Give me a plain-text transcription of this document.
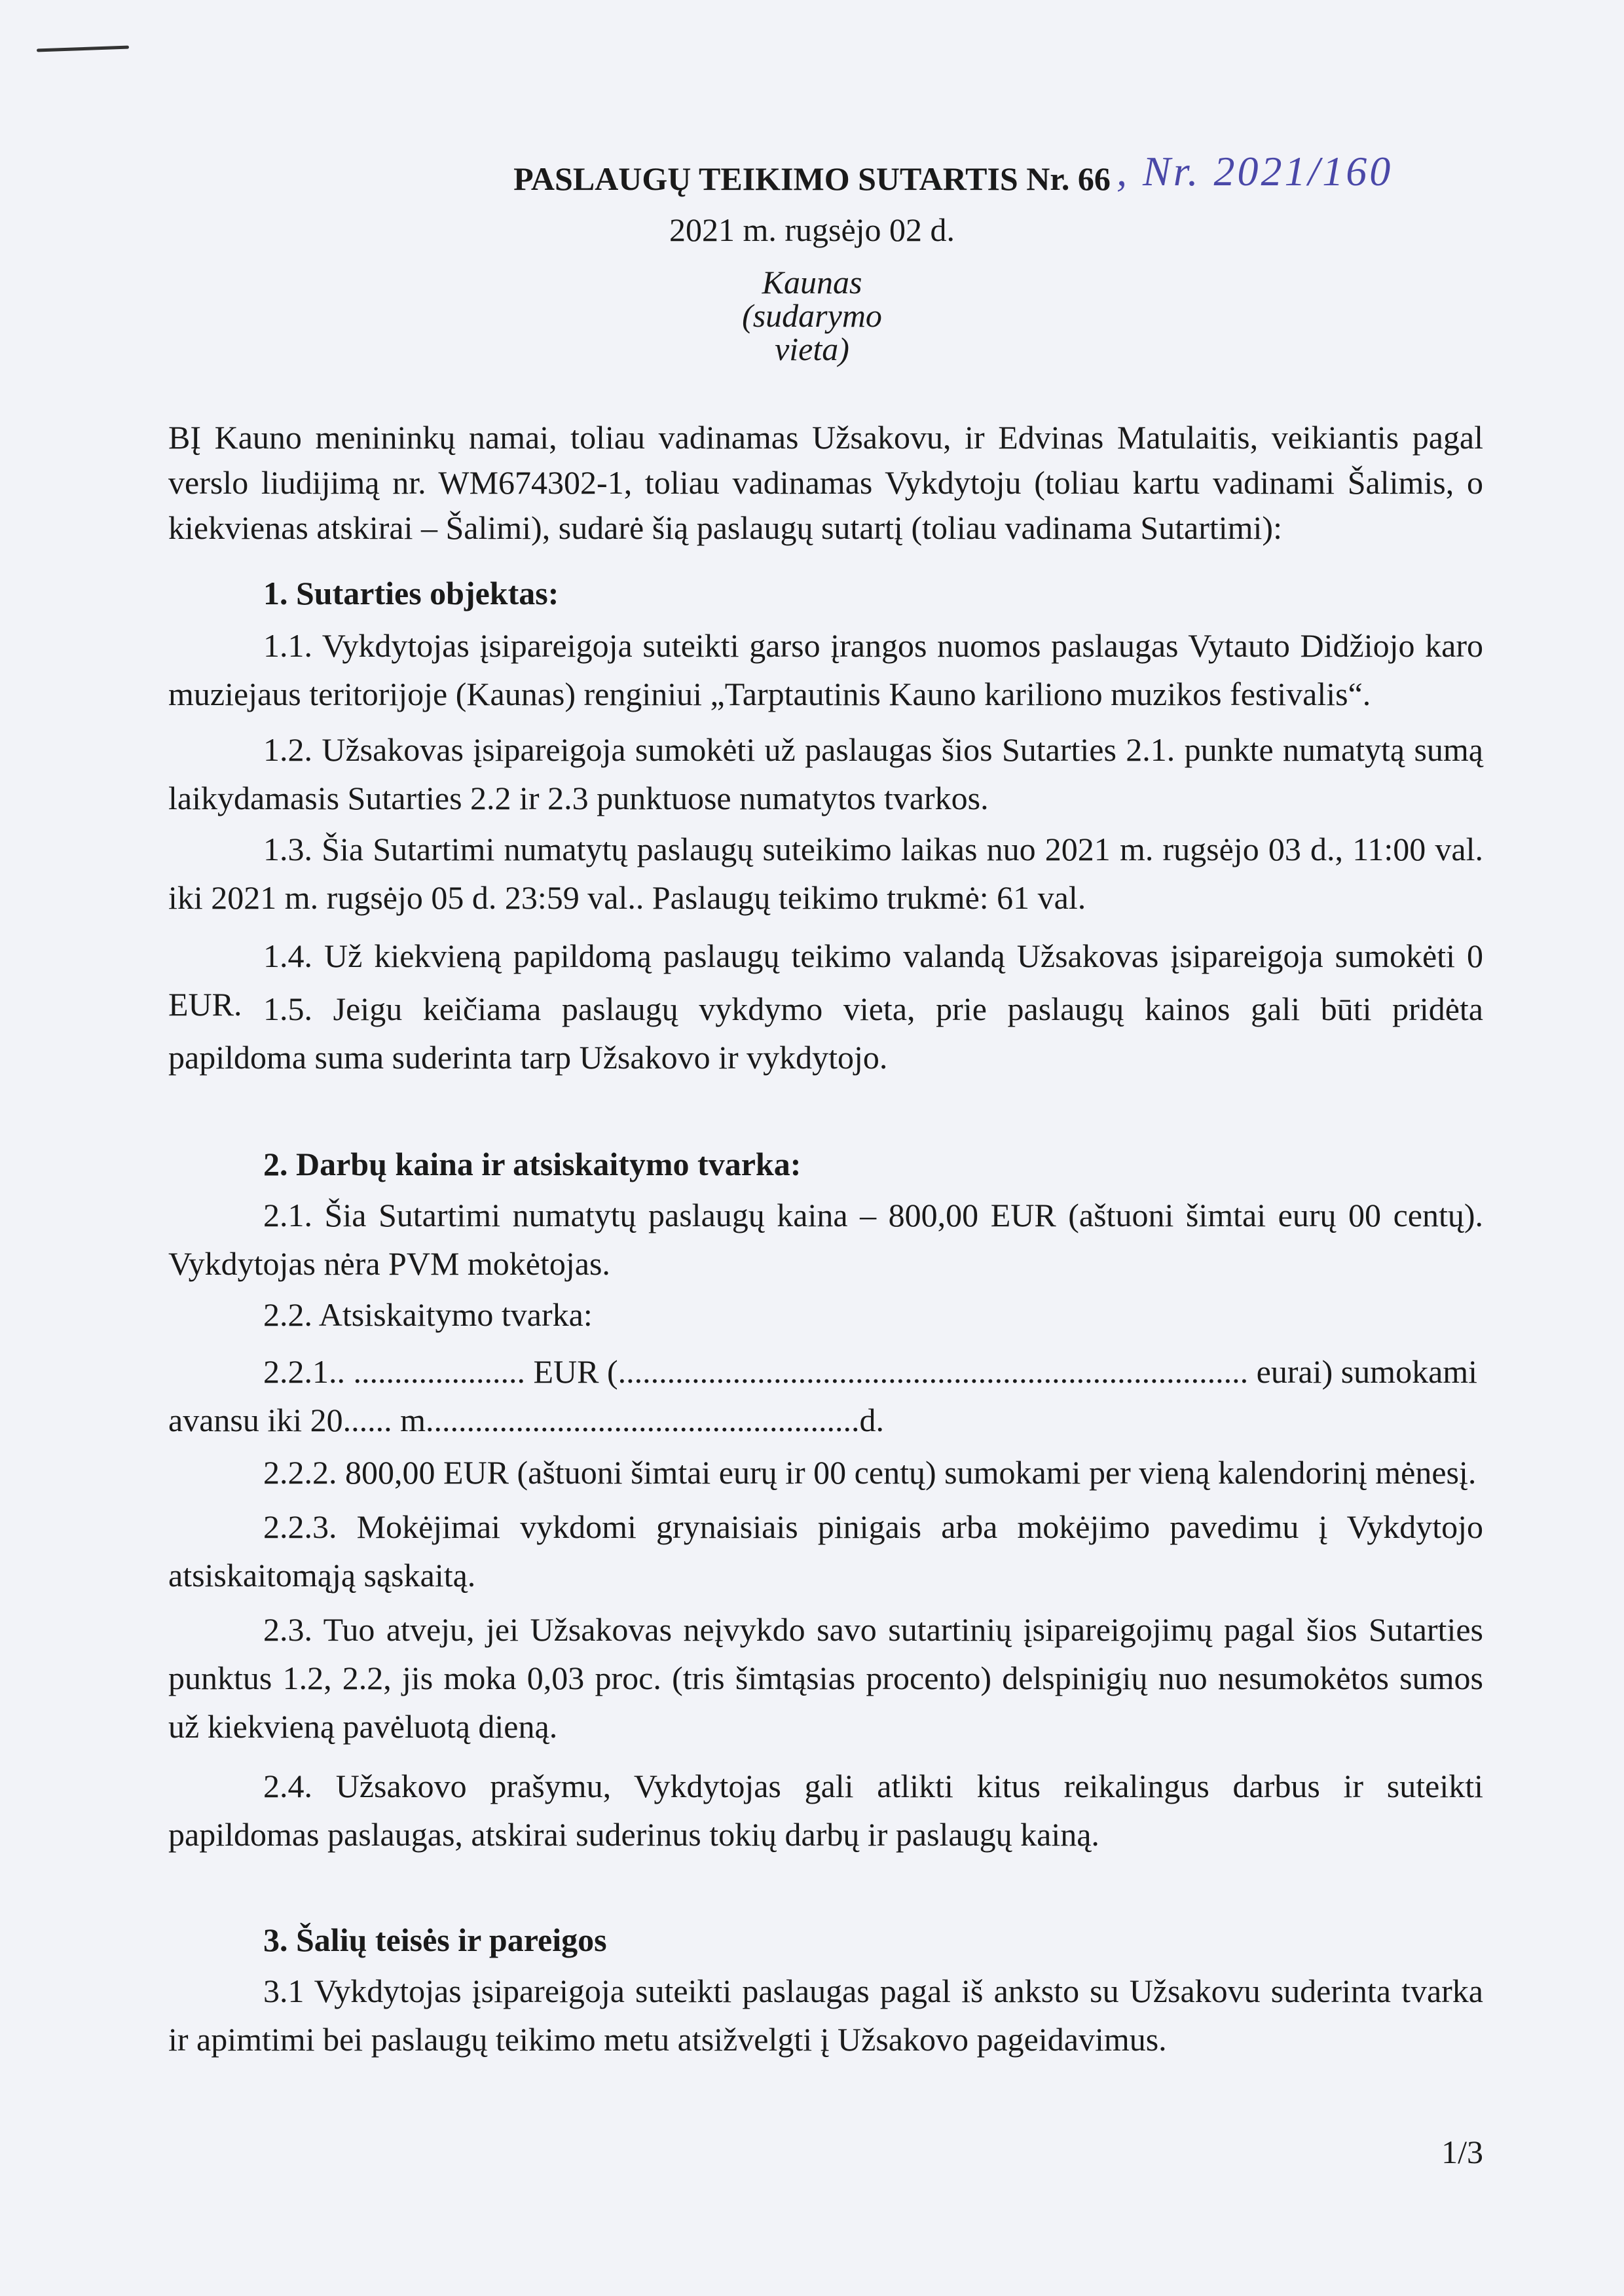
PASLAUGŲ TEIKIMO SUTARTIS Nr. 66 , Nr. 2021/160
2021 m. rugsėjo 02 d.
Kaunas
(sudarymo
vieta)
BĮ Kauno menininkų namai, toliau vadinamas Užsakovu, ir Edvinas Matulaitis, veikiantis pagal verslo liudijimą nr. WM674302-1, toliau vadinamas Vykdytoju (toliau kartu vadinami Šalimis, o kiekvienas atskirai – Šalimi), sudarė šią paslaugų sutartį (toliau vadinama Sutartimi):
1. Sutarties objektas:
1.1. Vykdytojas įsipareigoja suteikti garso įrangos nuomos paslaugas Vytauto Didžiojo karo muziejaus teritorijoje (Kaunas) renginiui „Tarptautinis Kauno kariliono muzikos festivalis“.
1.2. Užsakovas įsipareigoja sumokėti už paslaugas šios Sutarties 2.1. punkte numatytą sumą laikydamasis Sutarties 2.2 ir 2.3 punktuose numatytos tvarkos.
1.3. Šia Sutartimi numatytų paslaugų suteikimo laikas nuo 2021 m. rugsėjo 03 d., 11:00 val. iki 2021 m. rugsėjo 05 d. 23:59 val.. Paslaugų teikimo trukmė: 61 val.
1.4. Už kiekvieną papildomą paslaugų teikimo valandą Užsakovas įsipareigoja sumokėti 0 EUR. 1.5. Jeigu keičiama paslaugų vykdymo vieta, prie paslaugų kainos gali būti pridėta papildoma suma suderinta tarp Užsakovo ir vykdytojo.
2. Darbų kaina ir atsiskaitymo tvarka:
2.1. Šia Sutartimi numatytų paslaugų kaina – 800,00 EUR (aštuoni šimtai eurų 00 centų). Vykdytojas nėra PVM mokėtojas.
2.2. Atsiskaitymo tvarka:
2.2.1.. ..................... EUR (............................................................................. eurai) sumokami avansu iki 20...... m.....................................................d.
2.2.2. 800,00 EUR (aštuoni šimtai eurų ir 00 centų) sumokami per vieną kalendorinį mėnesį.
2.2.3. Mokėjimai vykdomi grynaisiais pinigais arba mokėjimo pavedimu į Vykdytojo atsiskaitomąją sąskaitą.
2.3. Tuo atveju, jei Užsakovas neįvykdo savo sutartinių įsipareigojimų pagal šios Sutarties punktus 1.2, 2.2, jis moka 0,03 proc. (tris šimtąsias procento) delspinigių nuo nesumokėtos sumos už kiekvieną pavėluotą dieną.
2.4. Užsakovo prašymu, Vykdytojas gali atlikti kitus reikalingus darbus ir suteikti papildomas paslaugas, atskirai suderinus tokių darbų ir paslaugų kainą.
3. Šalių teisės ir pareigos
3.1 Vykdytojas įsipareigoja suteikti paslaugas pagal iš anksto su Užsakovu suderinta tvarka ir apimtimi bei paslaugų teikimo metu atsižvelgti į Užsakovo pageidavimus.
1/3
